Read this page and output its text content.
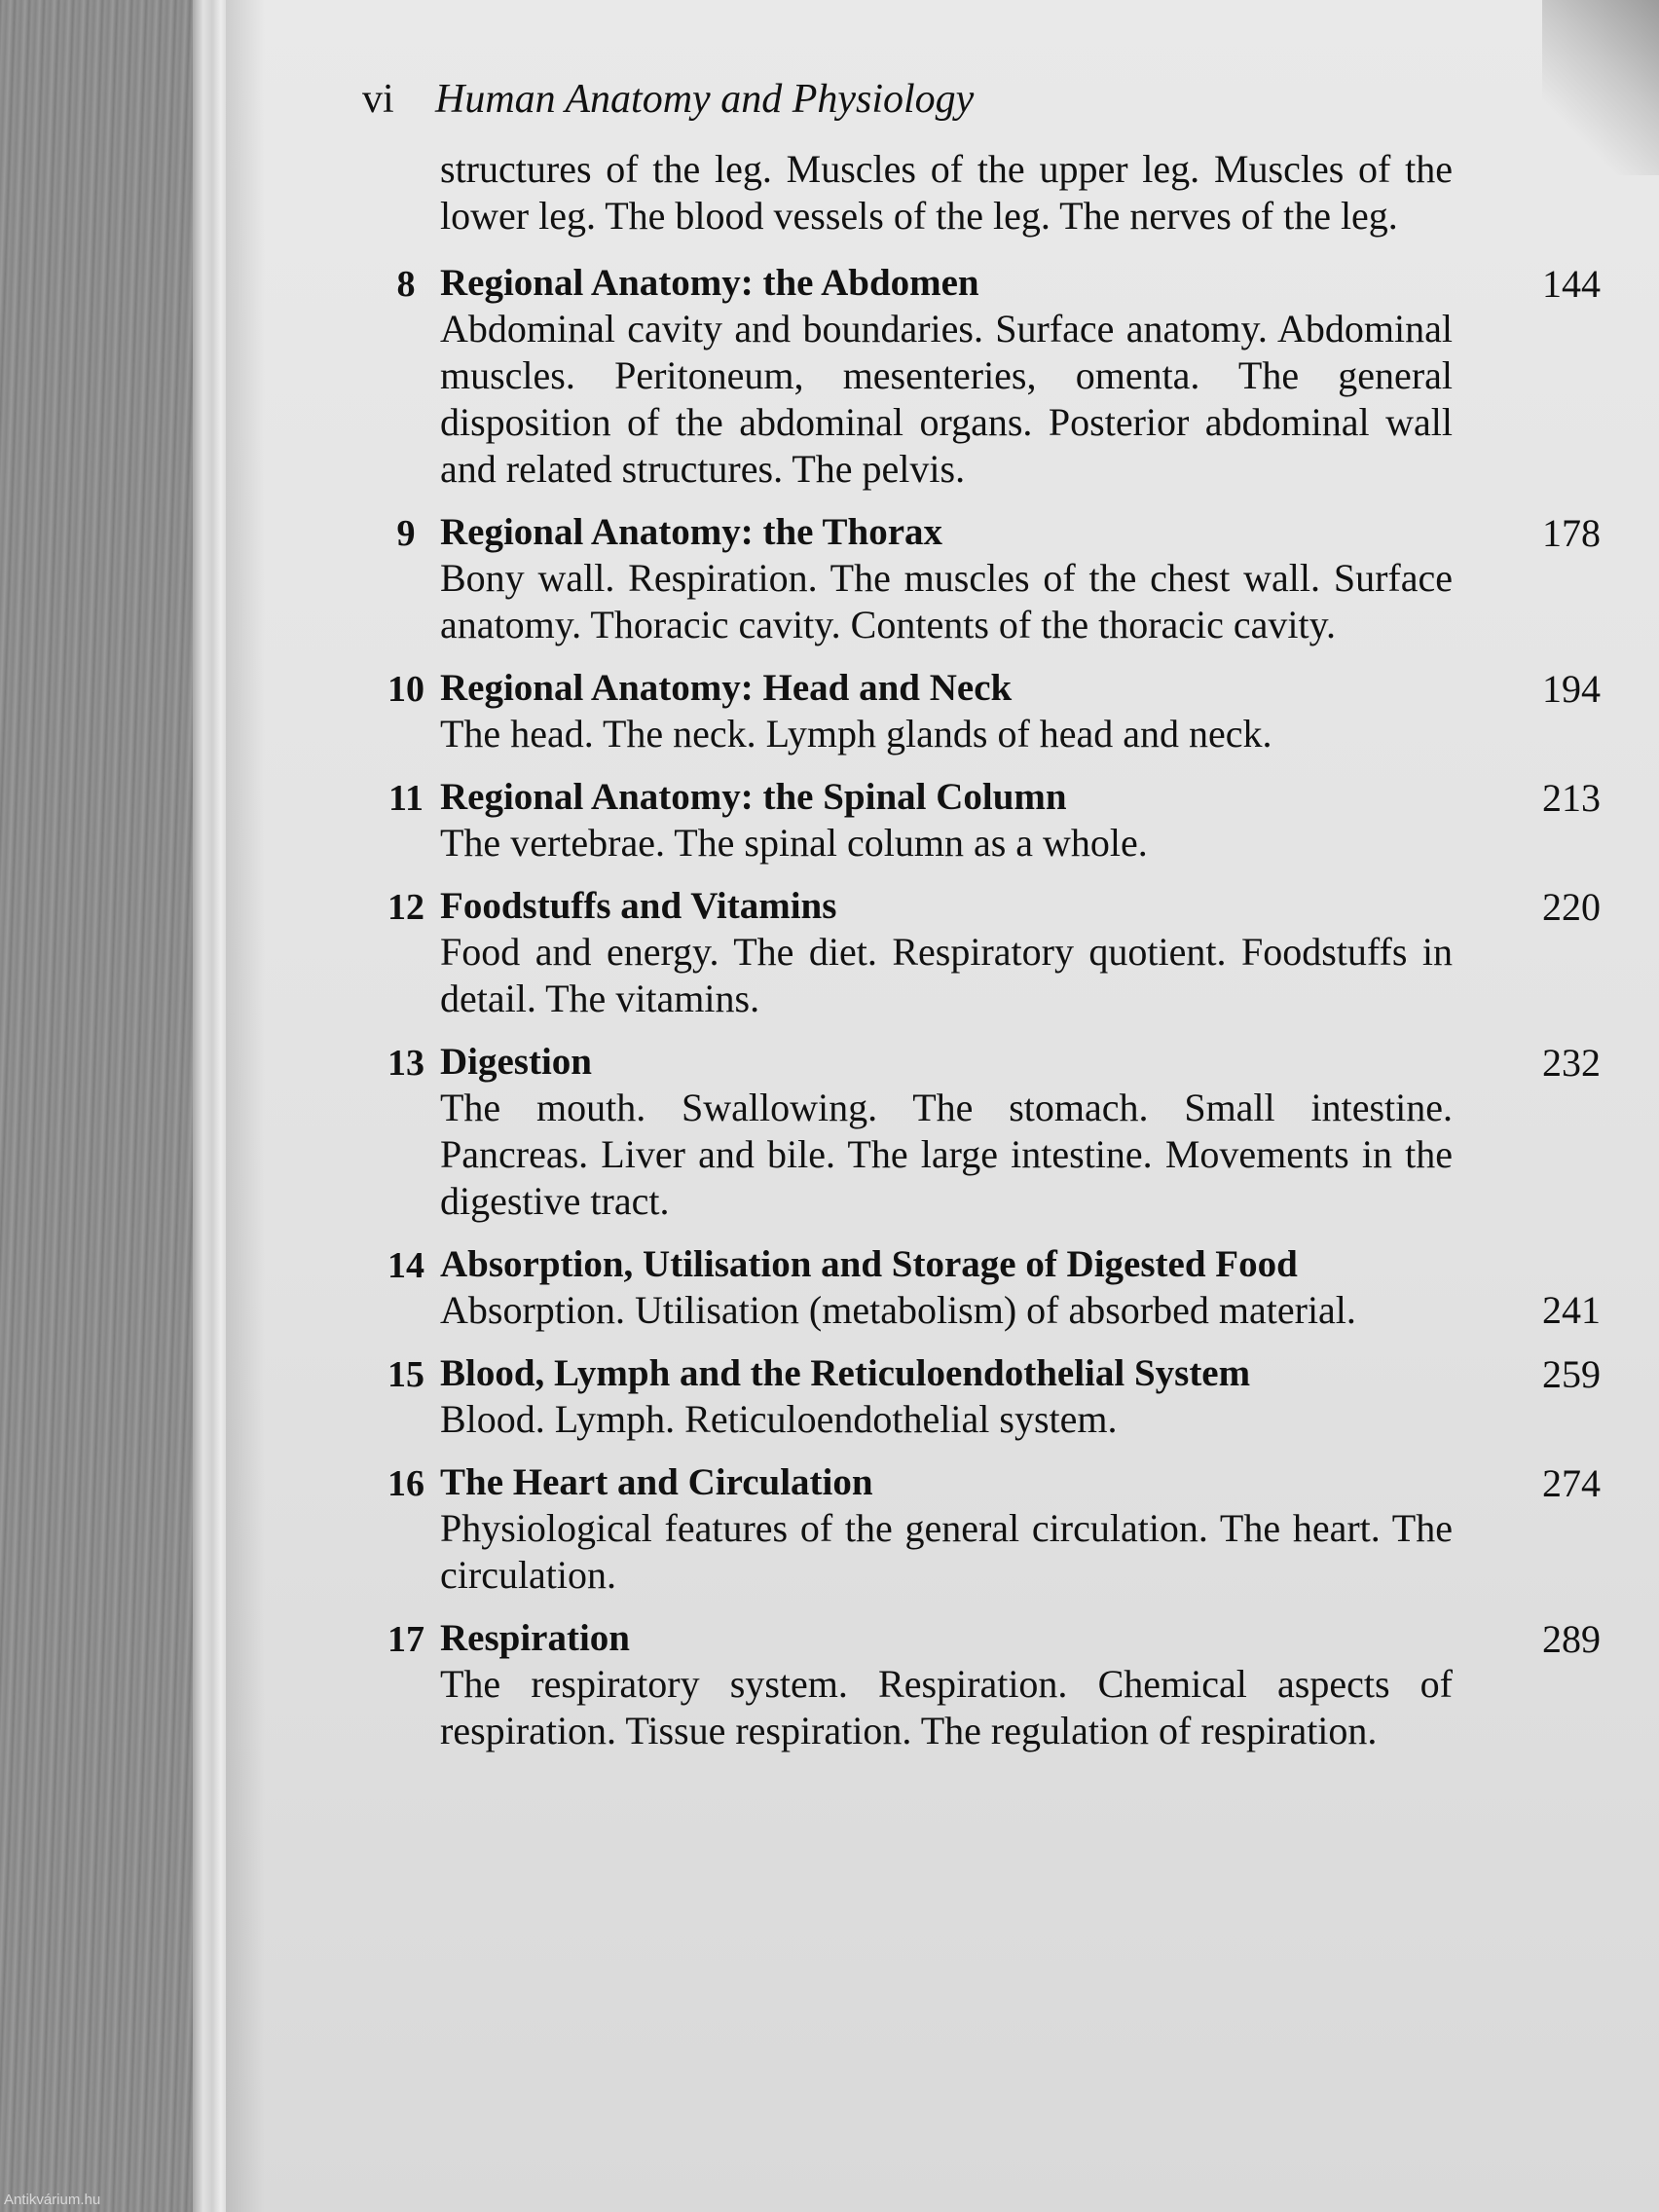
vi Human Anatomy and Physiology
structures of the leg. Muscles of the upper leg. Muscles of the lower leg. The blood vessels of the leg. The nerves of the leg.
8 Regional Anatomy: the Abdomen
Abdominal cavity and boundaries. Surface anatomy. Abdominal muscles. Peritoneum, mesenteries, omenta. The general disposition of the abdominal organs. Posterior abdominal wall and related structures. The pelvis.
144
9 Regional Anatomy: the Thorax
Bony wall. Respiration. The muscles of the chest wall. Surface anatomy. Thoracic cavity. Contents of the thoracic cavity.
178
10 Regional Anatomy: Head and Neck
The head. The neck. Lymph glands of head and neck.
194
11 Regional Anatomy: the Spinal Column
The vertebrae. The spinal column as a whole.
213
12 Foodstuffs and Vitamins
Food and energy. The diet. Respiratory quotient. Foodstuffs in detail. The vitamins.
220
13 Digestion
The mouth. Swallowing. The stomach. Small intestine. Pancreas. Liver and bile. The large intestine. Movements in the digestive tract.
232
14 Absorption, Utilisation and Storage of Digested Food
Absorption. Utilisation (metabolism) of absorbed material.	241
15 Blood, Lymph and the Reticuloendothelial System
Blood. Lymph. Reticuloendothelial system.
259
16 The Heart and Circulation
Physiological features of the general circulation. The heart. The circulation.
274
17 Respiration
The respiratory system. Respiration. Chemical aspects of respiration. Tissue respiration. The regulation of respiration.
289
Antikvárium.hu
